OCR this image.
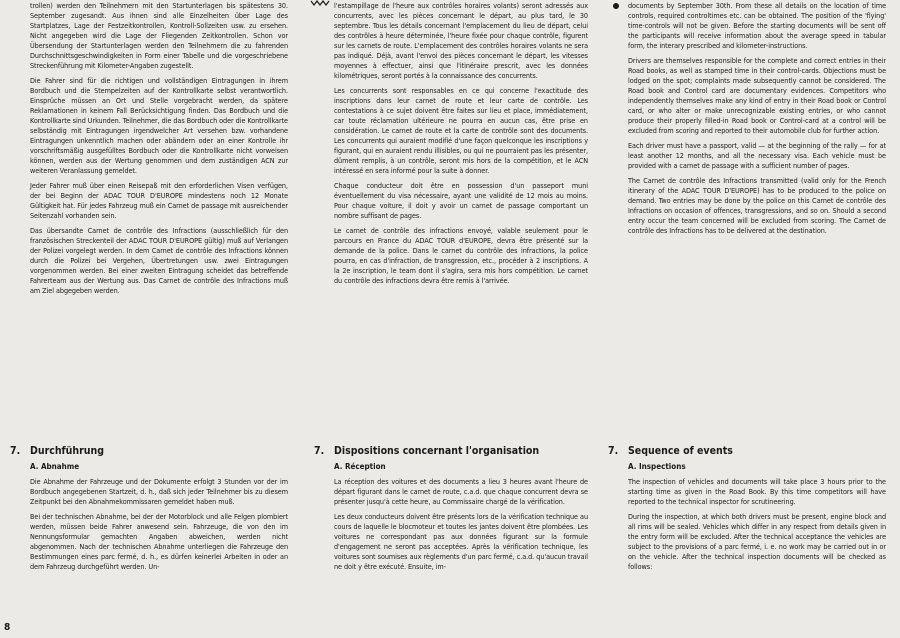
trollen) werden den Teilnehmern mit den Startunterlagen bis spätestens 30. September zugesandt. Aus ihnen sind alle Einzelheiten über Lage des Startplatzes, Lage der Festzeitkontrollen, Kontroll-Sollzeiten usw. zu ersehen. Nicht angegeben wird die Lage der Fliegenden Zeitkontrollen. Schon vor Übersendung der Startunterlagen werden den Teilnehmern die zu fahrenden Durchschnittsgeschwindigkeiten in Form einer Tabelle und die vorgeschriebene Streckenführung mit Kilometer-Angaben zugestellt.

Die Fahrer sind für die richtigen und vollständigen Eintragungen in ihrem Bordbuch und die Stempelzeiten auf der Kontrollkarte selbst verantwortlich. Einsprüche müssen an Ort und Stelle vorgebracht werden, da spätere Reklamationen in keinem Fall Berücksichtigung finden. Das Bordbuch und die Kontrollkarte sind Urkunden. Teilnehmer, die das Bordbuch oder die Kontrollkarte selbständig mit Eintragungen irgendwelcher Art versehen bzw. vorhandene Eintragungen unkenntlich machen oder abändern oder an einer Kontrolle ihr vorschriftsmäßig ausgefülltes Bordbuch oder die Kontrollkarte nicht vorweisen können, werden aus der Wertung genommen und dem zuständigen ACN zur weiteren Veranlassung gemeldet.

Jeder Fahrer muß über einen Reisepaß mit den erforderlichen Visen verfügen, der bei Beginn der ADAC TOUR D'EUROPE mindestens noch 12 Monate Gültigkeit hat. Für jedes Fahrzeug muß ein Carnet de passage mit ausreichender Seitenzahl vorhanden sein.

Das übersandte Carnet de contrôle des Infractions (ausschließlich für den französischen Streckenteil der ADAC TOUR D'EUROPE gültig) muß auf Verlangen der Polizei vorgelegt werden. In dem Carnet de contrôle des Infractions können durch die Polizei bei Vergehen, Übertretungen usw. zwei Eintragungen vorgenommen werden. Bei einer zweiten Eintragung scheidet das betreffende Fahrerteam aus der Wertung aus. Das Carnet de contrôle des Infractions muß am Ziel abgegeben werden.

7. Durchführung
A. Abnahme

Die Abnahme der Fahrzeuge und der Dokumente erfolgt 3 Stunden vor der im Bordbuch angegebenen Startzeit, d. h., daß sich jeder Teilnehmer bis zu diesem Zeitpunkt bei den Abnahmekommissaren gemeldet haben muß.

Bei der technischen Abnahme, bei der der Motorblock und alle Felgen plombiert werden, müssen beide Fahrer anwesend sein. Fahrzeuge, die von den im Nennungsformular gemachten Angaben abweichen, werden nicht abgenommen. Nach der technischen Abnahme unterliegen die Fahrzeuge den Bestimmungen eines parc fermé, d. h., es dürfen keinerlei Arbeiten in oder an dem Fahrzeug durchgeführt werden. Un-

l'estampillage de l'heure aux contrôles horaires volants) seront adressés aux concurrents, avec les pièces concernant le départ, au plus tard, le 30 septembre. Tous les détails concernant l'emplacement du lieu de départ, celui des contrôles à heure déterminée, l'heure fixée pour chaque contrôle, figurent sur les carnets de route. L'emplacement des contrôles horaires volants ne sera pas indiqué. Déjà, avant l'envoi des pièces concernant le départ, les vitesses moyennes à effectuer, ainsi que l'itinéraire prescrit, avec les données kilométriques, seront portés à la connaissance des concurrents.

Les concurrents sont responsables en ce qui concerne l'exactitude des inscriptions dans leur carnet de route et leur carte de contrôle. Les contestations à ce sujet doivent être faites sur lieu et place, immédiatement, car toute réclamation ultérieure ne pourra en aucun cas, être prise en considération. Le carnet de route et la carte de contrôle sont des documents. Les concurrents qui auraient modifié d'une façon quelconque les inscriptions y figurant, qui en auraient rendu illisibles, ou qui ne pourraient pas les présenter, dûment remplis, à un contrôle, seront mis hors de la compétition, et le ACN intéressé en sera informé pour la suite à donner.

Chaque conducteur doit être en possession d'un passeport muni éventuellement du visa nécessaire, ayant une validité de 12 mois au moins. Pour chaque voiture, il doit y avoir un carnet de passage comportant un nombre suffisant de pages.

Le carnet de contrôle des infractions envoyé, valable seulement pour le parcours en France du ADAC TOUR d'EUROPE, devra être présenté sur la demande de la police. Dans le carnet du contrôle des infractions, la police pourra, en cas d'infraction, de transgression, etc., procéder à 2 inscriptions. A la 2e inscription, le team dont il s'agira, sera mis hors compétition. Le carnet du contrôle des infractions devra être remis à l'arrivée.

7. Dispositions concernant l'organisation
A. Réception

La réception des voitures et des documents a lieu 3 heures avant l'heure de départ figurant dans le carnet de route, c.a.d. que chaque concurrent devra se présenter jusqu'à cette heure, au Commissaire chargé de la vérification.

Les deux conducteurs doivent être présents lors de la vérification technique au cours de laquelle le blocmoteur et toutes les jantes doivent être plombées. Les voitures ne correspondant pas aux données figurant sur la formule d'engagement ne seront pas acceptées. Après la vérification technique, les voitures sont soumises aux règlements d'un parc fermé, c.a.d. qu'aucun travail ne doit y être exécuté. Ensuite, im-

documents by September 30th. From these all details on the location of time controls, required controltimes etc. can be obtained. The position of the 'flying' time-controls will not be given. Before the starting documents will be sent off the participants will receive information about the average speed in tabular form, the interary prescribed and kilometer-instructions.

Drivers are themselves responsible for the complete and correct entries in their Road books, as well as stamped time in their control-cards. Objections must be lodged on the spot; complaints made subsequently cannot be considered. The Road book and Control card are documentary evidences. Competitors who independently themselves make any kind of entry in their Road book or Control card, or who alter or make unrecognizable existing entries, or who cannot produce their properly filled-in Road book or Control-card at a control will be excluded from scoring and reported to their automobile club for further action.

Each driver must have a passport, valid — at the beginning of the rally — for at least another 12 months, and all the necessary visa. Each vehicle must be provided with a carnet de passage with a sufficient number of pages.

The Carnet de contrôle des Infractions transmitted (valid only for the French itinerary of the ADAC TOUR D'EUROPE) has to be produced to the police on demand. Two entries may be done by the police on this Carnet de contrôle des Infractions on occasion of offences, transgressions, and so on. Should a second entry occur the team concerned will be excluded from scoring. The Carnet de contrôle des Infractions has to be delivered at the destination.

7. Sequence of events
A. Inspections

The inspection of vehicles and documents will take place 3 hours prior to the starting time as given in the Road Book. By this time competitors will have reported to the technical inspector for scrutineering.

During the inspection, at which both drivers must be present, engine block and all rims will be sealed. Vehicles which differ in any respect from details given in the entry form will be excluded. After the technical acceptance the vehicles are subject to the provisions of a parc fermé, i. e. no work may be carried out in or on the vehicle. After the technical inspection documents will be checked as follows:

8
